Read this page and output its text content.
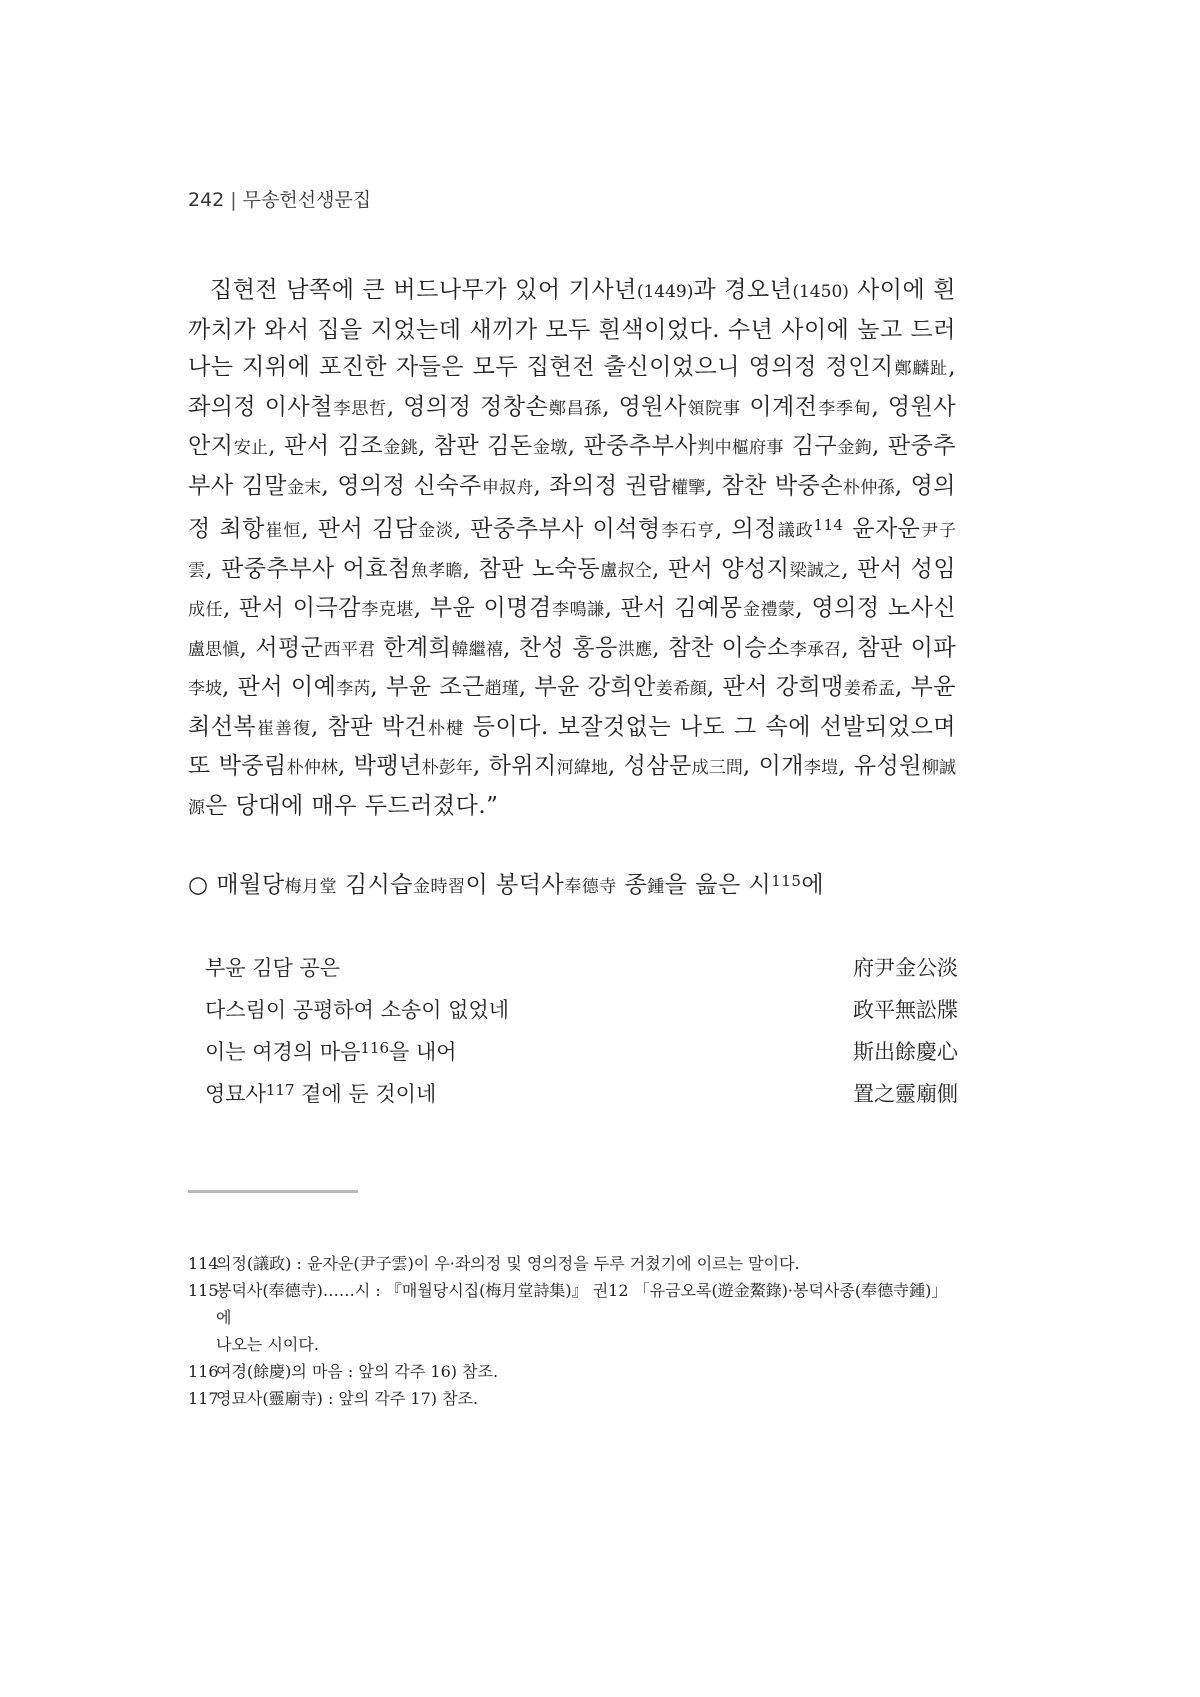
242 | 무송헌선생문집
집현전 남쪽에 큰 버드나무가 있어 기사년(1449)과 경오년(1450) 사이에 흰 까치가 와서 집을 지었는데 새끼가 모두 흰색이었다. 수년 사이에 높고 드러나는 지위에 포진한 자들은 모두 집현전 출신이었으니 영의정 정인지鄭麟趾, 좌의정 이사철李思哲, 영의정 정창손鄭昌孫, 영원사領院事 이계전李季甸, 영원사 안지安止, 판서 김조金銚, 참판 김돈金墩, 판중추부사判中樞府事 김구金鉤, 판중추부사 김말金末, 영의정 신숙주申叔舟, 좌의정 권람權擥, 참찬 박중손朴仲孫, 영의정 최항崔恒, 판서 김담金淡, 판중추부사 이석형李石亨, 의정議政$^{114}$ 윤자운尹子雲, 판중추부사 어효첨魚孝瞻, 참판 노숙동盧叔仝, 판서 양성지梁誠之, 판서 성임成任, 판서 이극감李克堪, 부윤 이명겸李鳴謙, 판서 김예몽金禮蒙, 영의정 노사신盧思愼, 서평군西平君 한계희韓繼禧, 찬성 홍응洪應, 참찬 이승소李承召, 참판 이파李坡, 판서 이예李芮, 부윤 조근趙瑾, 부윤 강희안姜希顔, 판서 강희맹姜希孟, 부윤 최선복崔善復, 참판 박건朴楗 등이다. 보잘것없는 나도 그 속에 선발되었으며 또 박중림朴仲林, 박팽년朴彭年, 하위지河緯地, 성삼문成三問, 이개李塏, 유성원柳誠源은 당대에 매우 두드러졌다.”
○ 매월당梅月堂 김시습金時習이 봉덕사奉德寺 종鍾을 읊은 시$^{115}$에
부윤 김담 공은	府尹金公淡
다스림이 공평하여 소송이 없었네	政平無訟牒
이는 여경의 마음$^{116}$을 내어	斯出餘慶心
영묘사$^{117}$ 곁에 둔 것이네	置之靈廟側
114
의정(議政) : 윤자운(尹子雲)이 우·좌의정 및 영의정을 두루 거쳤기에 이르는 말이다.
115
봉덕사(奉德寺)……시 : 『매월당시집(梅月堂詩集)』 권12 「유금오록(遊金鰲錄)·봉덕사종(奉德寺鍾)」에
나오는 시이다.
116
여경(餘慶)의 마음 : 앞의 각주 16) 참조.
117
영묘사(靈廟寺) : 앞의 각주 17) 참조.
